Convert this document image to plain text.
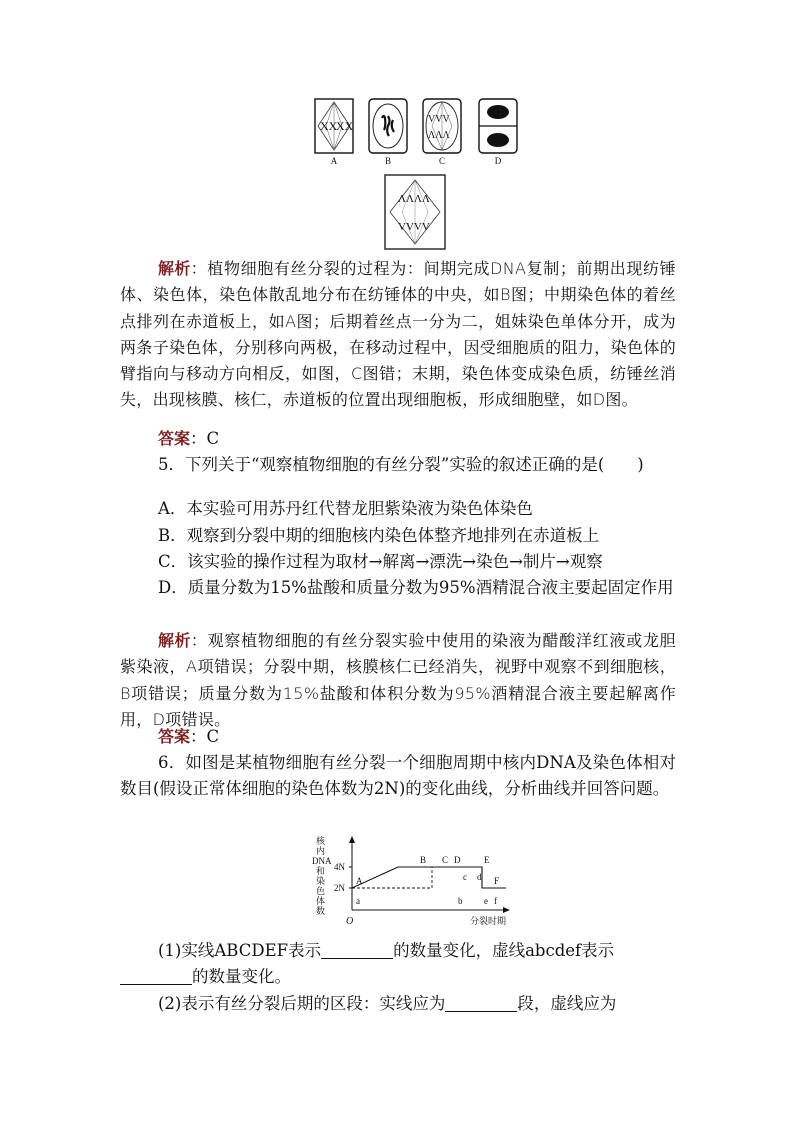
XX
XX
A	B
VVV
ΛΛΛ
C	D
ΛΛΛΛ
VVVV
解析：植物细胞有丝分裂的过程为：间期完成DNA复制；前期出现纺锤体、染色体，染色体散乱地分布在纺锤体的中央，如B图；中期染色体的着丝点排列在赤道板上，如A图；后期着丝点一分为二，姐妹染色单体分开，成为两条子染色体，分别移向两极，在移动过程中，因受细胞质的阻力，染色体的臂指向与移动方向相反，如图，C图错；末期，染色体变成染色质，纺锤丝消失，出现核膜、核仁，赤道板的位置出现细胞板，形成细胞壁，如D图。
答案：C
5．下列关于“观察植物细胞的有丝分裂”实验的叙述正确的是(　　)
A．本实验可用苏丹红代替龙胆紫染液为染色体染色
B．观察到分裂中期的细胞核内染色体整齐地排列在赤道板上
C．该实验的操作过程为取材→解离→漂洗→染色→制片→观察
D．质量分数为15%盐酸和质量分数为95%酒精混合液主要起固定作用
解析：观察植物细胞的有丝分裂实验中使用的染液为醋酸洋红液或龙胆紫染液，A项错误；分裂中期，核膜核仁已经消失，视野中观察不到细胞核，B项错误；质量分数为15%盐酸和体积分数为95%酒精混合液主要起解离作用，D项错误。
答案：C
6．如图是某植物细胞有丝分裂一个细胞周期中核内DNA及染色体相对数目(假设正常体细胞的染色体数为2N)的变化曲线，分析曲线并回答问题。
核内 DNA 和染色体数
4N
2N
O	分裂时期
A
B C D	E
F
a	b
c d
e f
(1)实线ABCDEF表示	的数量变化，虚线abcdef表示
的数量变化。
(2)表示有丝分裂后期的区段：实线应为	段，虚线应为
